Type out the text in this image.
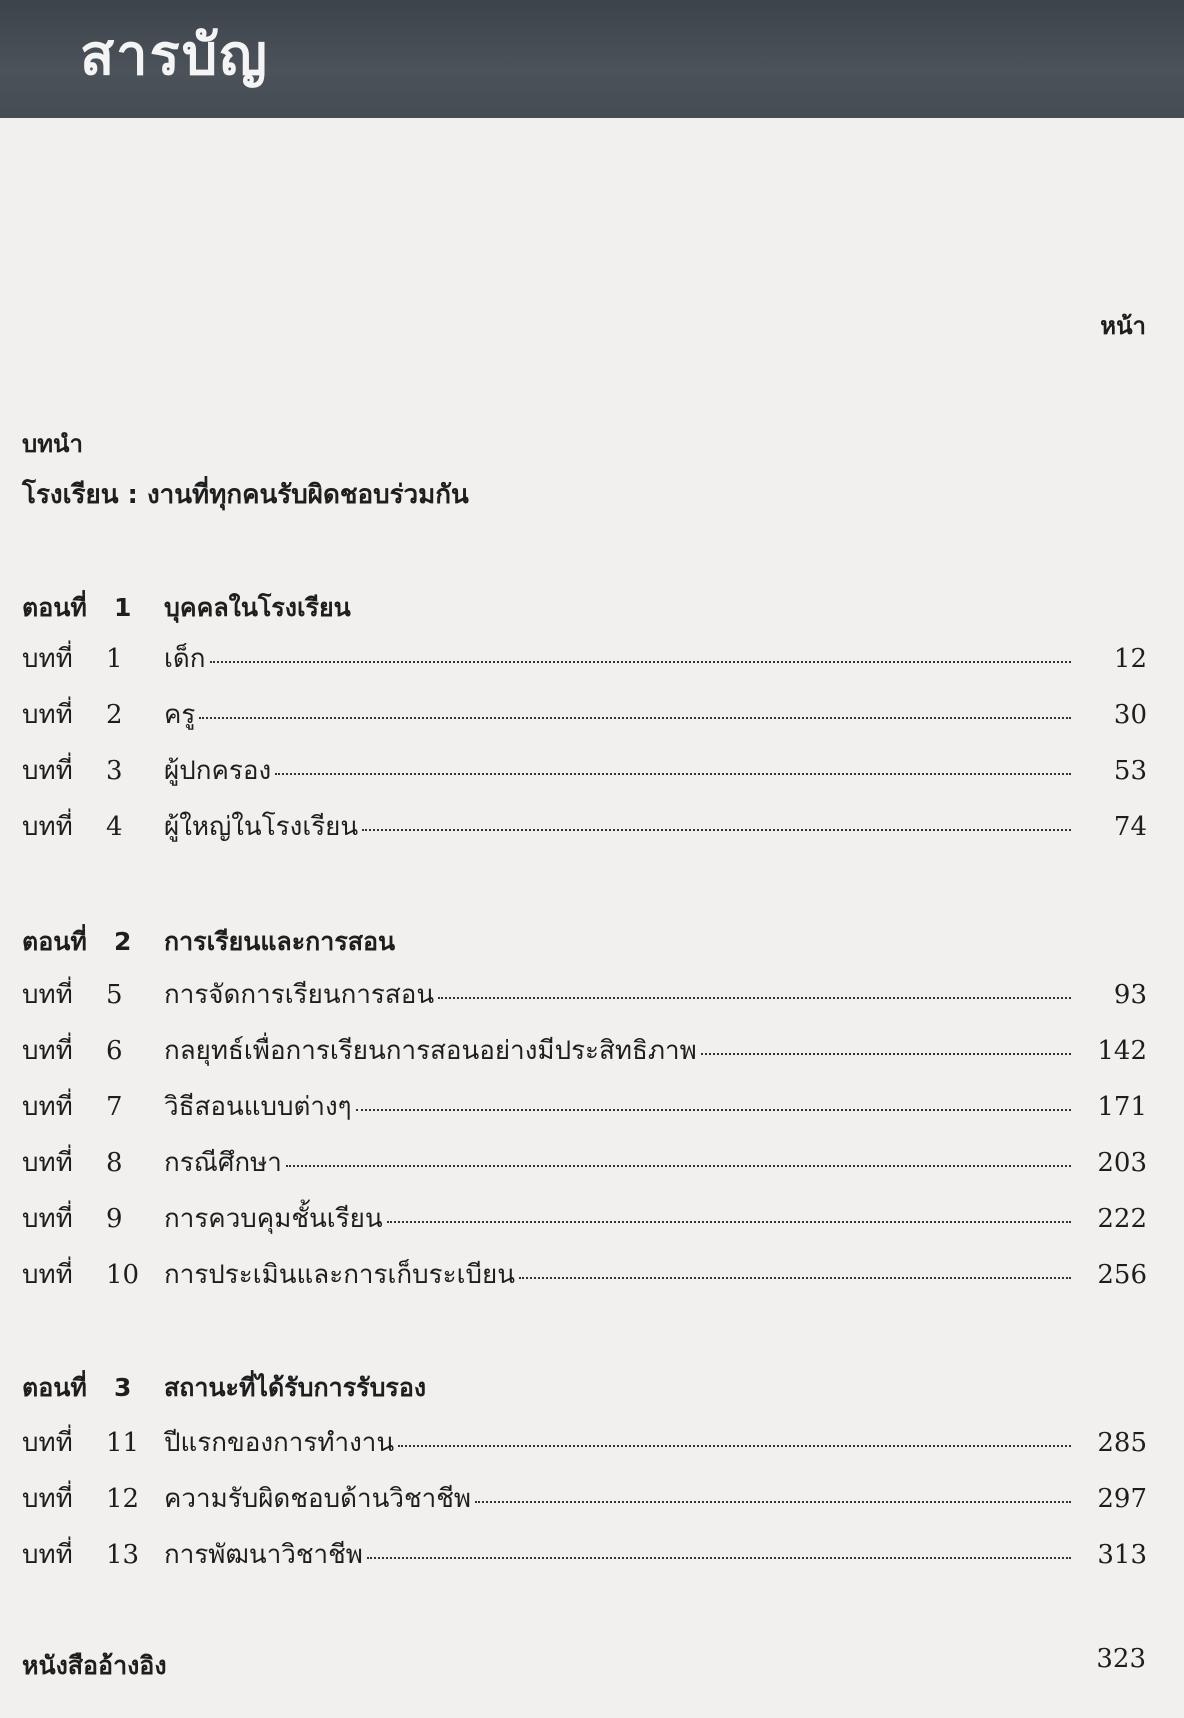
สารบัญ
หน้า
บทนำ
โรงเรียน : งานที่ทุกคนรับผิดชอบร่วมกัน
ตอนที่	1	บุคคลในโรงเรียน
บทที่	1	เด็ก	12
บทที่	2	ครู	30
บทที่	3	ผู้ปกครอง	53
บทที่	4	ผู้ใหญ่ในโรงเรียน	74
ตอนที่	2	การเรียนและการสอน
บทที่	5	การจัดการเรียนการสอน	93
บทที่	6	กลยุทธ์เพื่อการเรียนการสอนอย่างมีประสิทธิภาพ	142
บทที่	7	วิธีสอนแบบต่างๆ	171
บทที่	8	กรณีศึกษา	203
บทที่	9	การควบคุมชั้นเรียน	222
บทที่	10 การประเมินและการเก็บระเบียน	256
ตอนที่	3	สถานะที่ได้รับการรับรอง
บทที่	11 ปีแรกของการทำงาน	285
บทที่	12 ความรับผิดชอบด้านวิชาชีพ	297
บทที่	13 การพัฒนาวิชาชีพ	313
หนังสืออ้างอิง	323
